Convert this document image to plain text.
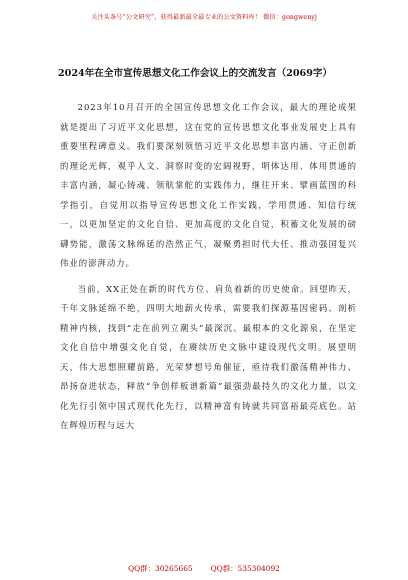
关注头条号“公文研究”，获得最新最全最专业的公文资料库！ 微信：gongwenyj
2024年在全市宣传思想文化工作会议上的交流发言（2069字）

2023年10月召开的全国宣传思想文化工作会议，最大的理论成果就是提出了习近平文化思想，这在党的宣传思想文化事业发展史上具有重要里程碑意义。我们要深刻领悟习近平文化思想丰富内涵、守正创新的理论光辉，观乎人文、洞察时变的宏阔视野，明体达用、体用贯通的丰富内涵，凝心铸魂、领航掌舵的实践伟力，继往开来、擘画蓝图的科学指引，自觉用以指导宣传思想文化工作实践，学用贯通、知信行统一，以更加坚定的文化自信、更加高度的文化自觉，积蓄文化发展的磅礴势能，激荡文脉绵延的浩然正气，凝聚勇担时代大任、推动强国复兴伟业的澎湃动力。

当前，XX正处在新的时代方位、肩负着新的历史使命。回望昨天，千年文脉延绵不绝，四明大地薪火传承，需要我们探源基因密码、剖析精神内核，找到“走在前列立潮头”最深沉、最根本的文化源泉，在坚定文化自信中增强文化自觉，在赓续历史文脉中建设现代文明。展望明天，伟大思想照耀前路，光荣梦想号角催征，亟待我们激荡精神伟力、昂扬奋进状态，释放“争创样板谱新篇”最强劲最持久的文化力量，以文化先行引领中国式现代化先行，以精神富有铸就共同富裕最亮底色。站在辉煌历程与远大

QQ群：30265665 QQ群：535304092
